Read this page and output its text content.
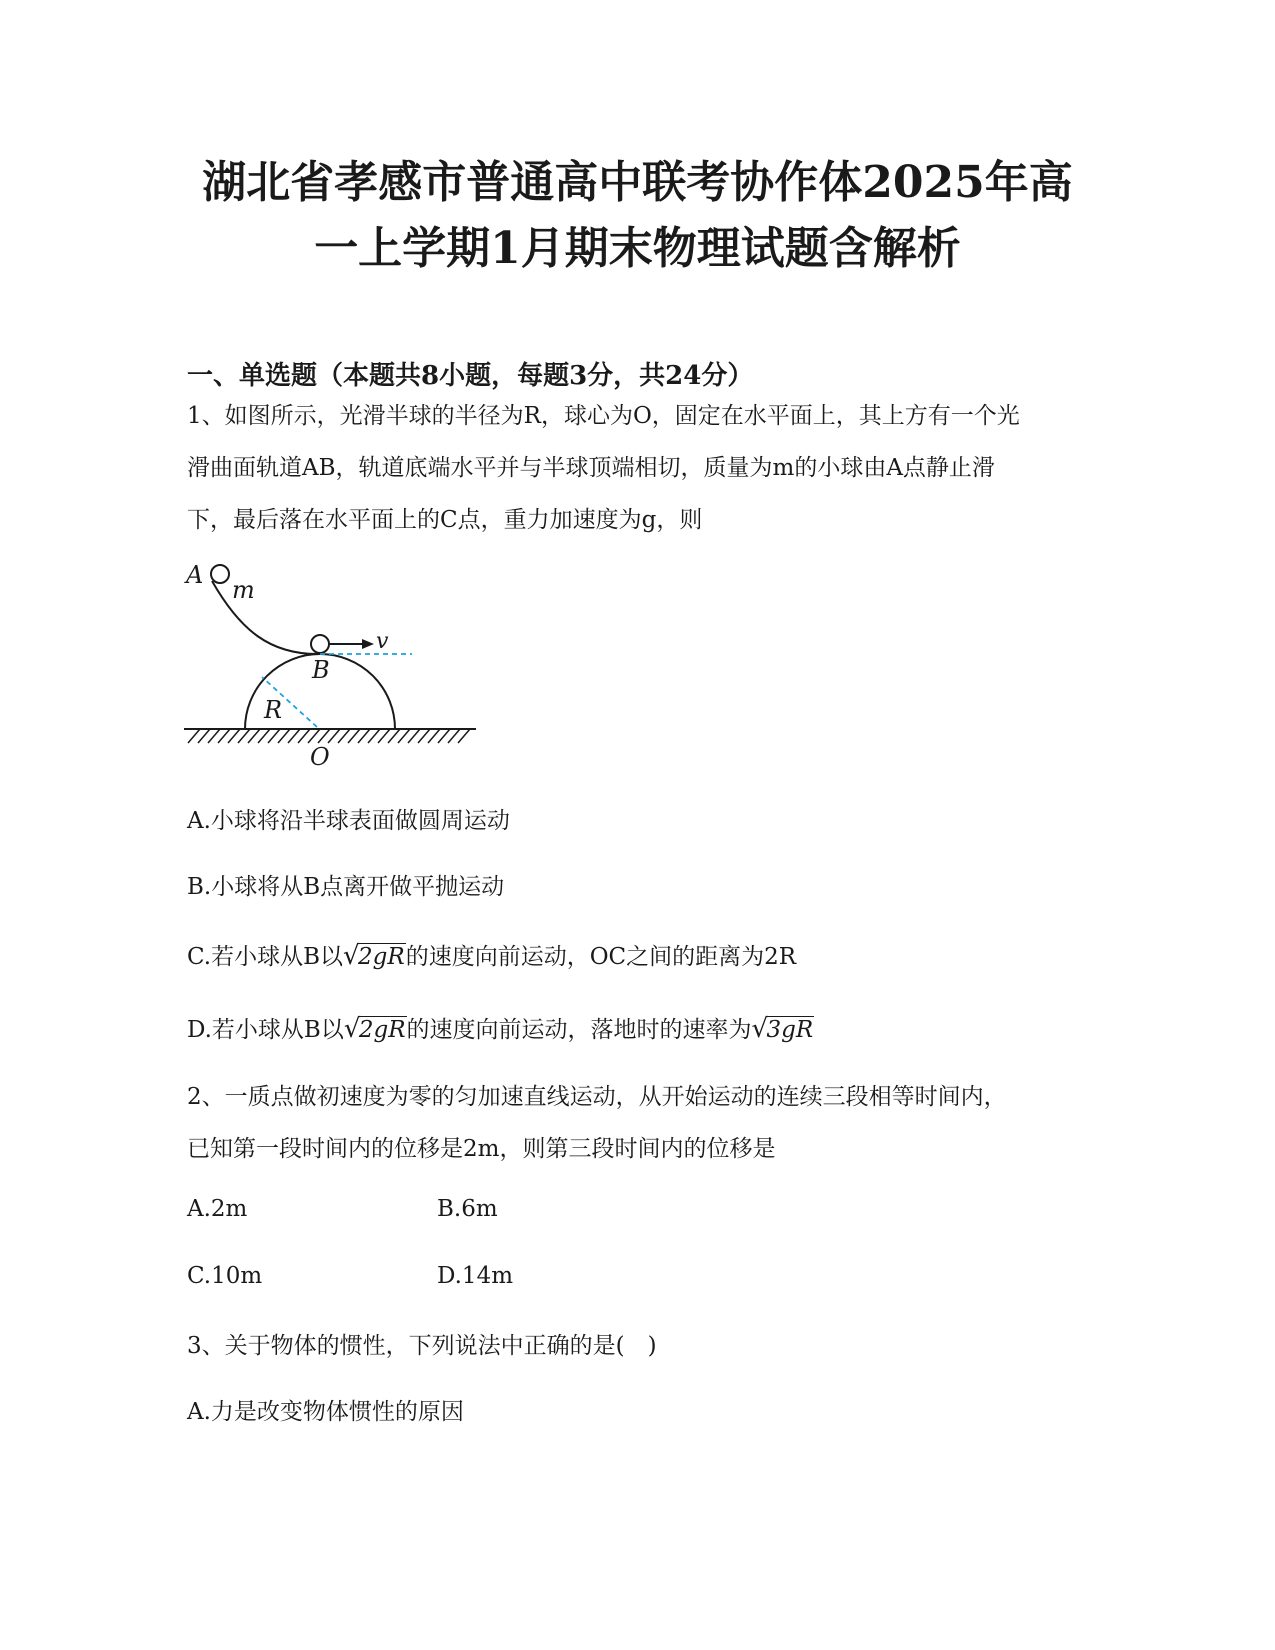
湖北省孝感市普通高中联考协作体2025年高
一上学期1月期末物理试题含解析

一、单选题（本题共8小题，每题3分，共24分）

1、如图所示，光滑半球的半径为R，球心为O，固定在水平面上，其上方有一个光
滑曲面轨道AB，轨道底端水平并与半球顶端相切，质量为m的小球由A点静止滑
下，最后落在水平面上的C点，重力加速度为g，则
A
m
v
B
R
O

A.小球将沿半球表面做圆周运动

B.小球将从B点离开做平抛运动

C.若小球从B以 √ 2gR的速度向前运动，OC之间的距离为2R

D.若小球从B以 √ 2gR的速度向前运动，落地时的速率为 √ 3gR

2、一质点做初速度为零的匀加速直线运动，从开始运动的连续三段相等时间内，
已知第一段时间内的位移是2m，则第三段时间内的位移是

A.2m	B.6m

C.10m	D.14m

3、关于物体的惯性，下列说法中正确的是(　)

A.力是改变物体惯性的原因
